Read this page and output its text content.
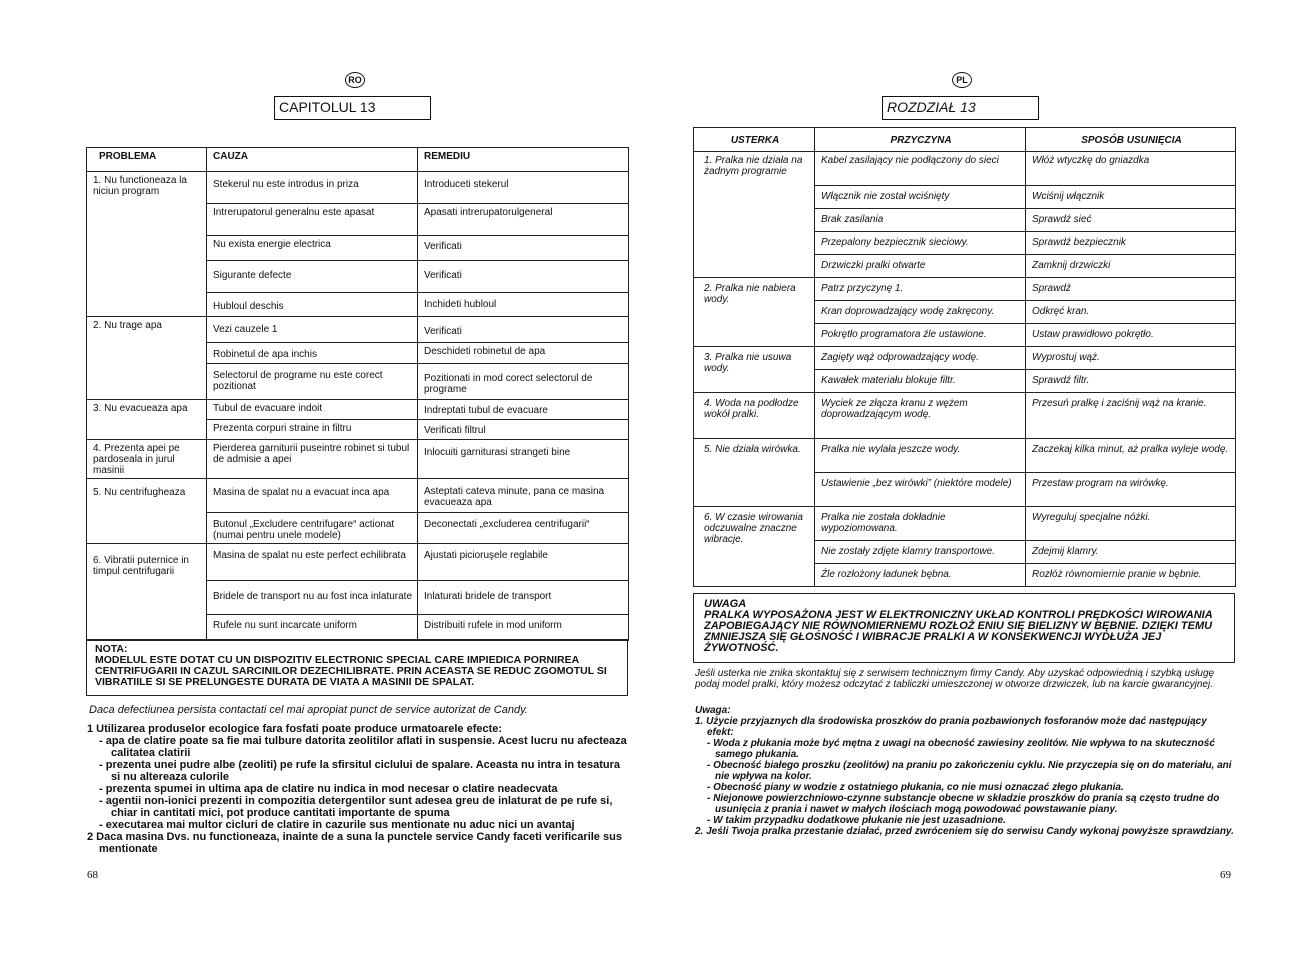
RO
CAPITOLUL 13
PROBLEMA	CAUZA	REMEDIU
1. Nu functioneaza la niciun program	Stekerul nu este introdus in priza	Introduceti stekerul
	Intrerupatorul generalnu este apasat	Apasati intrerupatorulgeneral
	Nu exista energie electrica	Verificati
	Sigurante defecte	Verificati
	Hubloul deschis	Inchideti hubloul
2. Nu trage apa	Vezi cauzele 1	Verificati
	Robinetul de apa inchis	Deschideti robinetul de apa
	Selectorul de programe nu este corect pozitionat	Pozitionati in mod corect selectorul de programe
3. Nu evacueaza apa	Tubul de evacuare indoit	Indreptati tubul de evacuare
	Prezenta corpuri straine in filtru	Verificati filtrul
4. Prezenta apei pe pardoseala in jurul masinii	Pierderea garniturii puseintre robinet si tubul de admisie a apei	Inlocuiti garniturasi strangeti bine
5. Nu centrifugheaza	Masina de spalat nu a evacuat inca apa	Asteptati cateva minute, pana ce masina evacueaza apa
	Butonul „Excludere centrifugare“ actionat (numai pentru unele modele)	Deconectati „excluderea centrifugarii“
6. Vibratii puternice in timpul centrifugarii	Masina de spalat nu este perfect echilibrata	Ajustati picioruşele reglabile
	Bridele de transport nu au fost inca inlaturate	Inlaturati bridele de transport
	Rufele nu sunt incarcate uniform	Distribuiti rufele in mod uniform
NOTA:
MODELUL ESTE DOTAT CU UN DISPOZITIV ELECTRONIC SPECIAL CARE IMPIEDICA PORNIREA CENTRIFUGARII IN CAZUL SARCINILOR DEZECHILIBRATE. PRIN ACEASTA SE REDUC ZGOMOTUL SI VIBRATIILE SI SE PRELUNGESTE DURATA DE VIATA A MASINII DE SPALAT.
Daca defectiunea persista contactati cel mai apropiat punct de service autorizat de Candy.

1 Utilizarea produselor ecologice fara fosfati poate produce urmatoarele efecte:

- apa de clatire poate sa fie mai tulbure datorita zeolitilor aflati in suspensie. Acest lucru nu afecteaza calitatea clatirii

- prezenta unei pudre albe (zeoliti) pe rufe la sfirsitul ciclului de spalare. Aceasta nu intra in tesatura si nu altereaza culorile

- prezenta spumei in ultima apa de clatire nu indica in mod necesar o clatire neadecvata

- agentii non-ionici prezenti in compozitia detergentilor sunt adesea greu de inlaturat de pe rufe si, chiar in cantitati mici, pot produce cantitati importante de spuma

- executarea mai multor cicluri de clatire in cazurile sus mentionate nu aduc nici un avantaj

2 Daca masina Dvs. nu functioneaza, inainte de a suna la punctele service Candy faceti verificarile sus mentionate

68
PL
ROZDZIAŁ 13
USTERKA	PRZYCZYNA	SPOSÓB USUNIĘCIA
1. Pralka nie działa na żadnym programie	Kabel zasilający nie podłączony do sieci	Włóż wtyczkę do gniazdka
	Włącznik nie został wciśnięty	Wciśnij włącznik
	Brak zasilania	Sprawdź sieć
	Przepalony bezpiecznik sieciowy.	Sprawdź bezpiecznik
	Drzwiczki pralki otwarte	Zamknij drzwiczki
2. Pralka nie nabiera wody.	Patrz przyczynę 1.	Sprawdź
	Kran doprowadzający wodę zakręcony.	Odkręć kran.
	Pokrętło programatora źle ustawione.	Ustaw prawidłowo pokrętło.
3. Pralka nie usuwa wody.	Zagięty wąż odprowadzający wodę.	Wyprostuj wąż.
	Kawałek materiału blokuje filtr.	Sprawdź filtr.
4. Woda na podłodze wokół pralki.	Wyciek ze złącza kranu z wężem doprowadzającym wodę.	Przesuń pralkę i zaciśnij wąż na kranie.
5. Nie działa wirówka.	Pralka nie wylała jeszcze wody.	Zaczekaj kilka minut, aż pralka wyleje wodę.
	Ustawienie „bez wirówki” (niektóre modele)	Przestaw program na wirówkę.
6. W czasie wirowania odczuwalne znaczne wibracje.	Pralka nie została dokładnie wypoziomowana.	Wyreguluj specjalne nóżki.
	Nie zostały zdjęte klamry transportowe.	Zdejmij klamry.
	Źle rozłożony ładunek bębna.	Rozłóż równomiernie pranie w bębnie.
UWAGA
PRALKA WYPOSAŻONA JEST W ELEKTRONICZNY UKŁAD KONTROLI PRĘDKOŚCI WIROWANIA ZAPOBIEGAJĄCY NIE RÓWNOMIERNEMU ROZŁOŻ ENIU SIĘ BIELIZNY W BĘBNIE. DZIĘKI TEMU ZMNIEJSZA SIĘ GŁOŚNOŚĆ I WIBRACJE PRALKI A W KONSEKWENCJI WYDŁUŻA JEJ ŻYWOTNOŚĆ.
Jeśli usterka nie znika skontaktuj się z serwisem technicznym firmy Candy. Aby uzyskać odpowiednią i szybką usługę podaj model pralki, który możesz odczytać z tabliczki umieszczonej w otworze drzwiczek, lub na karcie gwarancyjnej.

Uwaga:

1. Użycie przyjaznych dla środowiska proszków do prania pozbawionych fosforanów może dać następujący efekt:

- Woda z płukania może być mętna z uwagi na obecność zawiesiny zeolitów. Nie wpływa to na skuteczność samego płukania.

- Obecność białego proszku (zeolitów) na praniu po zakończeniu cyklu. Nie przyczepia się on do materiału, ani nie wpływa na kolor.

- Obecność piany w wodzie z ostatniego płukania, co nie musi oznaczać złego płukania.

- Niejonowe powierzchniowo-czynne substancje obecne w składzie proszków do prania są często trudne do usunięcia z prania i nawet w małych ilościach mogą powodować powstawanie piany.

- W takim przypadku dodatkowe płukanie nie jest uzasadnione.

2. Jeśli Twoja pralka przestanie działać, przed zwróceniem się do serwisu Candy wykonaj powyższe sprawdziany.

69
